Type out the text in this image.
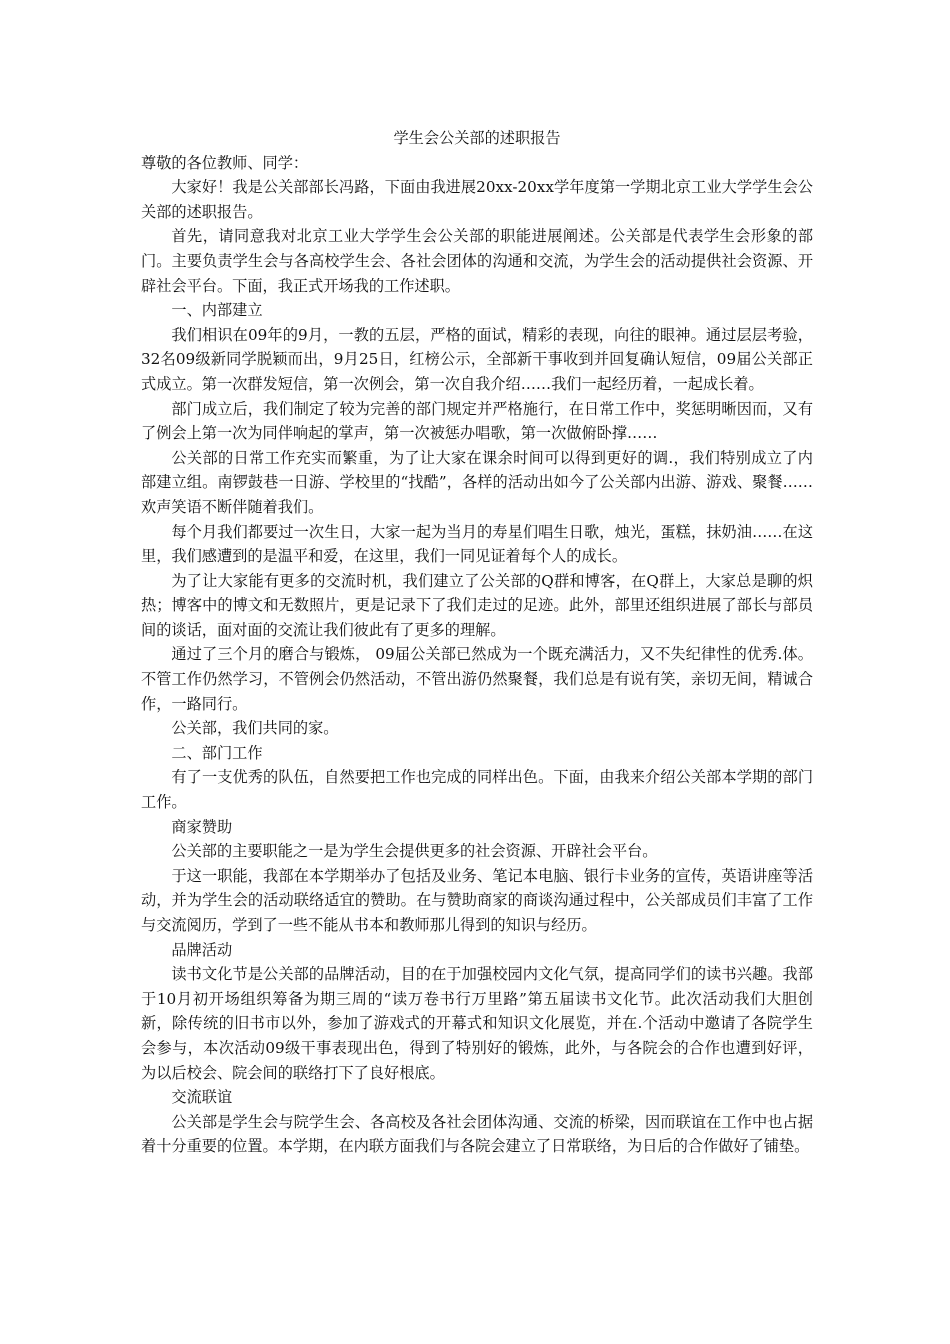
学生会公关部的述职报告

尊敬的各位教师、同学：

大家好！我是公关部部长冯路，下面由我进展20xx-20xx学年度第一学期北京工业大学学生会公关部的述职报告。

首先，请同意我对北京工业大学学生会公关部的职能进展阐述。公关部是代表学生会形象的部门。主要负责学生会与各高校学生会、各社会团体的沟通和交流，为学生会的活动提供社会资源、开辟社会平台。下面，我正式开场我的工作述职。

一、内部建立

我们相识在09年的9月，一教的五层，严格的面试，精彩的表现，向往的眼神。通过层层考验，32名09级新同学脱颖而出，9月25日，红榜公示，全部新干事收到并回复确认短信，09届公关部正式成立。第一次群发短信，第一次例会，第一次自我介绍……我们一起经历着，一起成长着。

部门成立后，我们制定了较为完善的部门规定并严格施行，在日常工作中，奖惩明晰因而，又有了例会上第一次为同伴响起的掌声，第一次被惩办唱歌，第一次做俯卧撑……

公关部的日常工作充实而繁重，为了让大家在课余时间可以得到更好的调.，我们特别成立了内部建立组。南锣鼓巷一日游、学校里的“找酷”，各样的活动出如今了公关部内出游、游戏、聚餐……欢声笑语不断伴随着我们。

每个月我们都要过一次生日，大家一起为当月的寿星们唱生日歌，烛光，蛋糕，抹奶油……在这里，我们感遭到的是温平和爱，在这里，我们一同见证着每个人的成长。

为了让大家能有更多的交流时机，我们建立了公关部的Q群和博客，在Q群上，大家总是聊的炽热；博客中的博文和无数照片，更是记录下了我们走过的足迹。此外，部里还组织进展了部长与部员间的谈话，面对面的交流让我们彼此有了更多的理解。

通过了三个月的磨合与锻炼， 09届公关部已然成为一个既充满活力，又不失纪律性的优秀.体。不管工作仍然学习，不管例会仍然活动，不管出游仍然聚餐，我们总是有说有笑，亲切无间，精诚合作，一路同行。

公关部，我们共同的家。

二、部门工作

有了一支优秀的队伍，自然要把工作也完成的同样出色。下面，由我来介绍公关部本学期的部门工作。

商家赞助

公关部的主要职能之一是为学生会提供更多的社会资源、开辟社会平台。

于这一职能，我部在本学期举办了包括及业务、笔记本电脑、银行卡业务的宣传，英语讲座等活动，并为学生会的活动联络适宜的赞助。在与赞助商家的商谈沟通过程中，公关部成员们丰富了工作与交流阅历，学到了一些不能从书本和教师那儿得到的知识与经历。

品牌活动

读书文化节是公关部的品牌活动，目的在于加强校园内文化气氛，提高同学们的读书兴趣。我部于10月初开场组织筹备为期三周的“读万卷书行万里路”第五届读书文化节。此次活动我们大胆创新，除传统的旧书市以外，参加了游戏式的开幕式和知识文化展览，并在.个活动中邀请了各院学生会参与，本次活动09级干事表现出色，得到了特别好的锻炼，此外，与各院会的合作也遭到好评，为以后校会、院会间的联络打下了良好根底。

交流联谊

公关部是学生会与院学生会、各高校及各社会团体沟通、交流的桥梁，因而联谊在工作中也占据着十分重要的位置。本学期，在内联方面我们与各院会建立了日常联络，为日后的合作做好了铺垫。
